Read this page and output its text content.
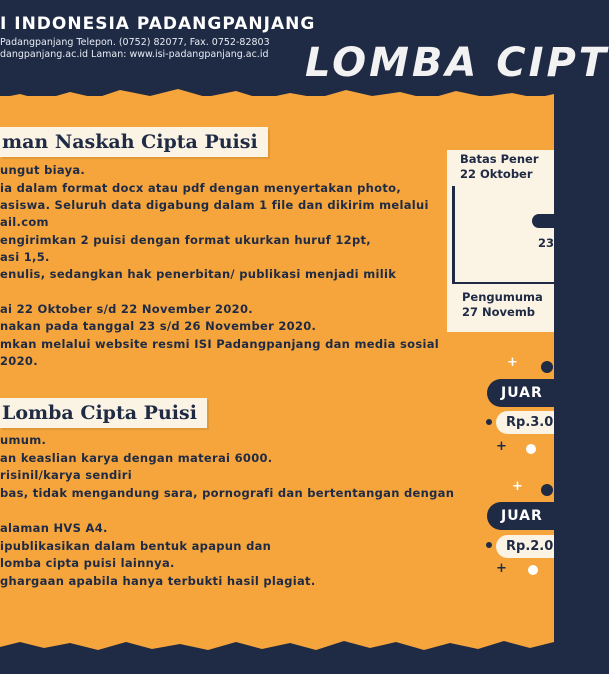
I INDONESIA PADANGPANJANG
Padangpanjang Telepon. (0752) 82077, Fax. 0752-82803
dangpanjang.ac.id Laman: www.isi-padangpanjang.ac.id LOMBA CIPT
man Naskah Cipta Puisi
ungut biaya.
ia dalam format docx atau pdf dengan menyertakan photo,
asiswa. Seluruh data digabung dalam 1 file dan dikirim melalui
ail.com
engirimkan 2 puisi dengan format ukurkan huruf 12pt,
asi 1,5.
enulis, sedangkan hak penerbitan/ publikasi menjadi milik
ai 22 Oktober s/d 22 November 2020.
nakan pada tanggal 23 s/d 26 November 2020.
mkan melalui website resmi ISI Padangpanjang dan media sosial
2020.
Lomba Cipta Puisi
umum.
an keaslian karya dengan materai 6000.
risinil/karya sendiri
bas, tidak mengandung sara, pornografi dan bertentangan dengan
alaman HVS A4.
ipublikasikan dalam bentuk apapun dan
lomba cipta puisi lainnya.
ghargaan apabila hanya terbukti hasil plagiat.
Batas Pener
22 Oktober
23
Pengumuma
27 Novemb
+
JUAR
Rp.3.0
+
+
JUAR
Rp.2.0
+
